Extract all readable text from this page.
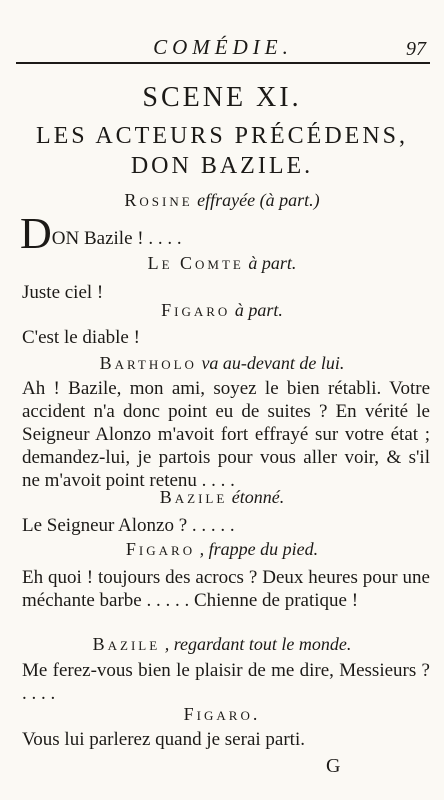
COMÉDIE.	97
SCENE XI.
LES ACTEURS PRÉCÉDENS,
DON BAZILE.
Rosine effrayée (à part.)
DON Bazile ! . . . .
Le Comte à part.
Juste ciel !
Figaro à part.
C'est le diable !
Bartholo va au-devant de lui.
Ah ! Bazile, mon ami, soyez le bien rétabli. Votre accident n'a donc point eu de suites ? En vérité le Seigneur Alonzo m'avoit fort effrayé sur votre état ; demandez-lui, je partois pour vous aller voir, & s'il ne m'avoit point retenu . . . .
Bazile étonné.
Le Seigneur Alonzo ? . . . . .
Figaro , frappe du pied.
Eh quoi ! toujours des acrocs ? Deux heures pour une méchante barbe . . . . . Chienne de pratique !
Bazile , regardant tout le monde.
Me ferez-vous bien le plaisir de me dire, Messieurs ? . . . .
Figaro.
Vous lui parlerez quand je serai parti.
G
